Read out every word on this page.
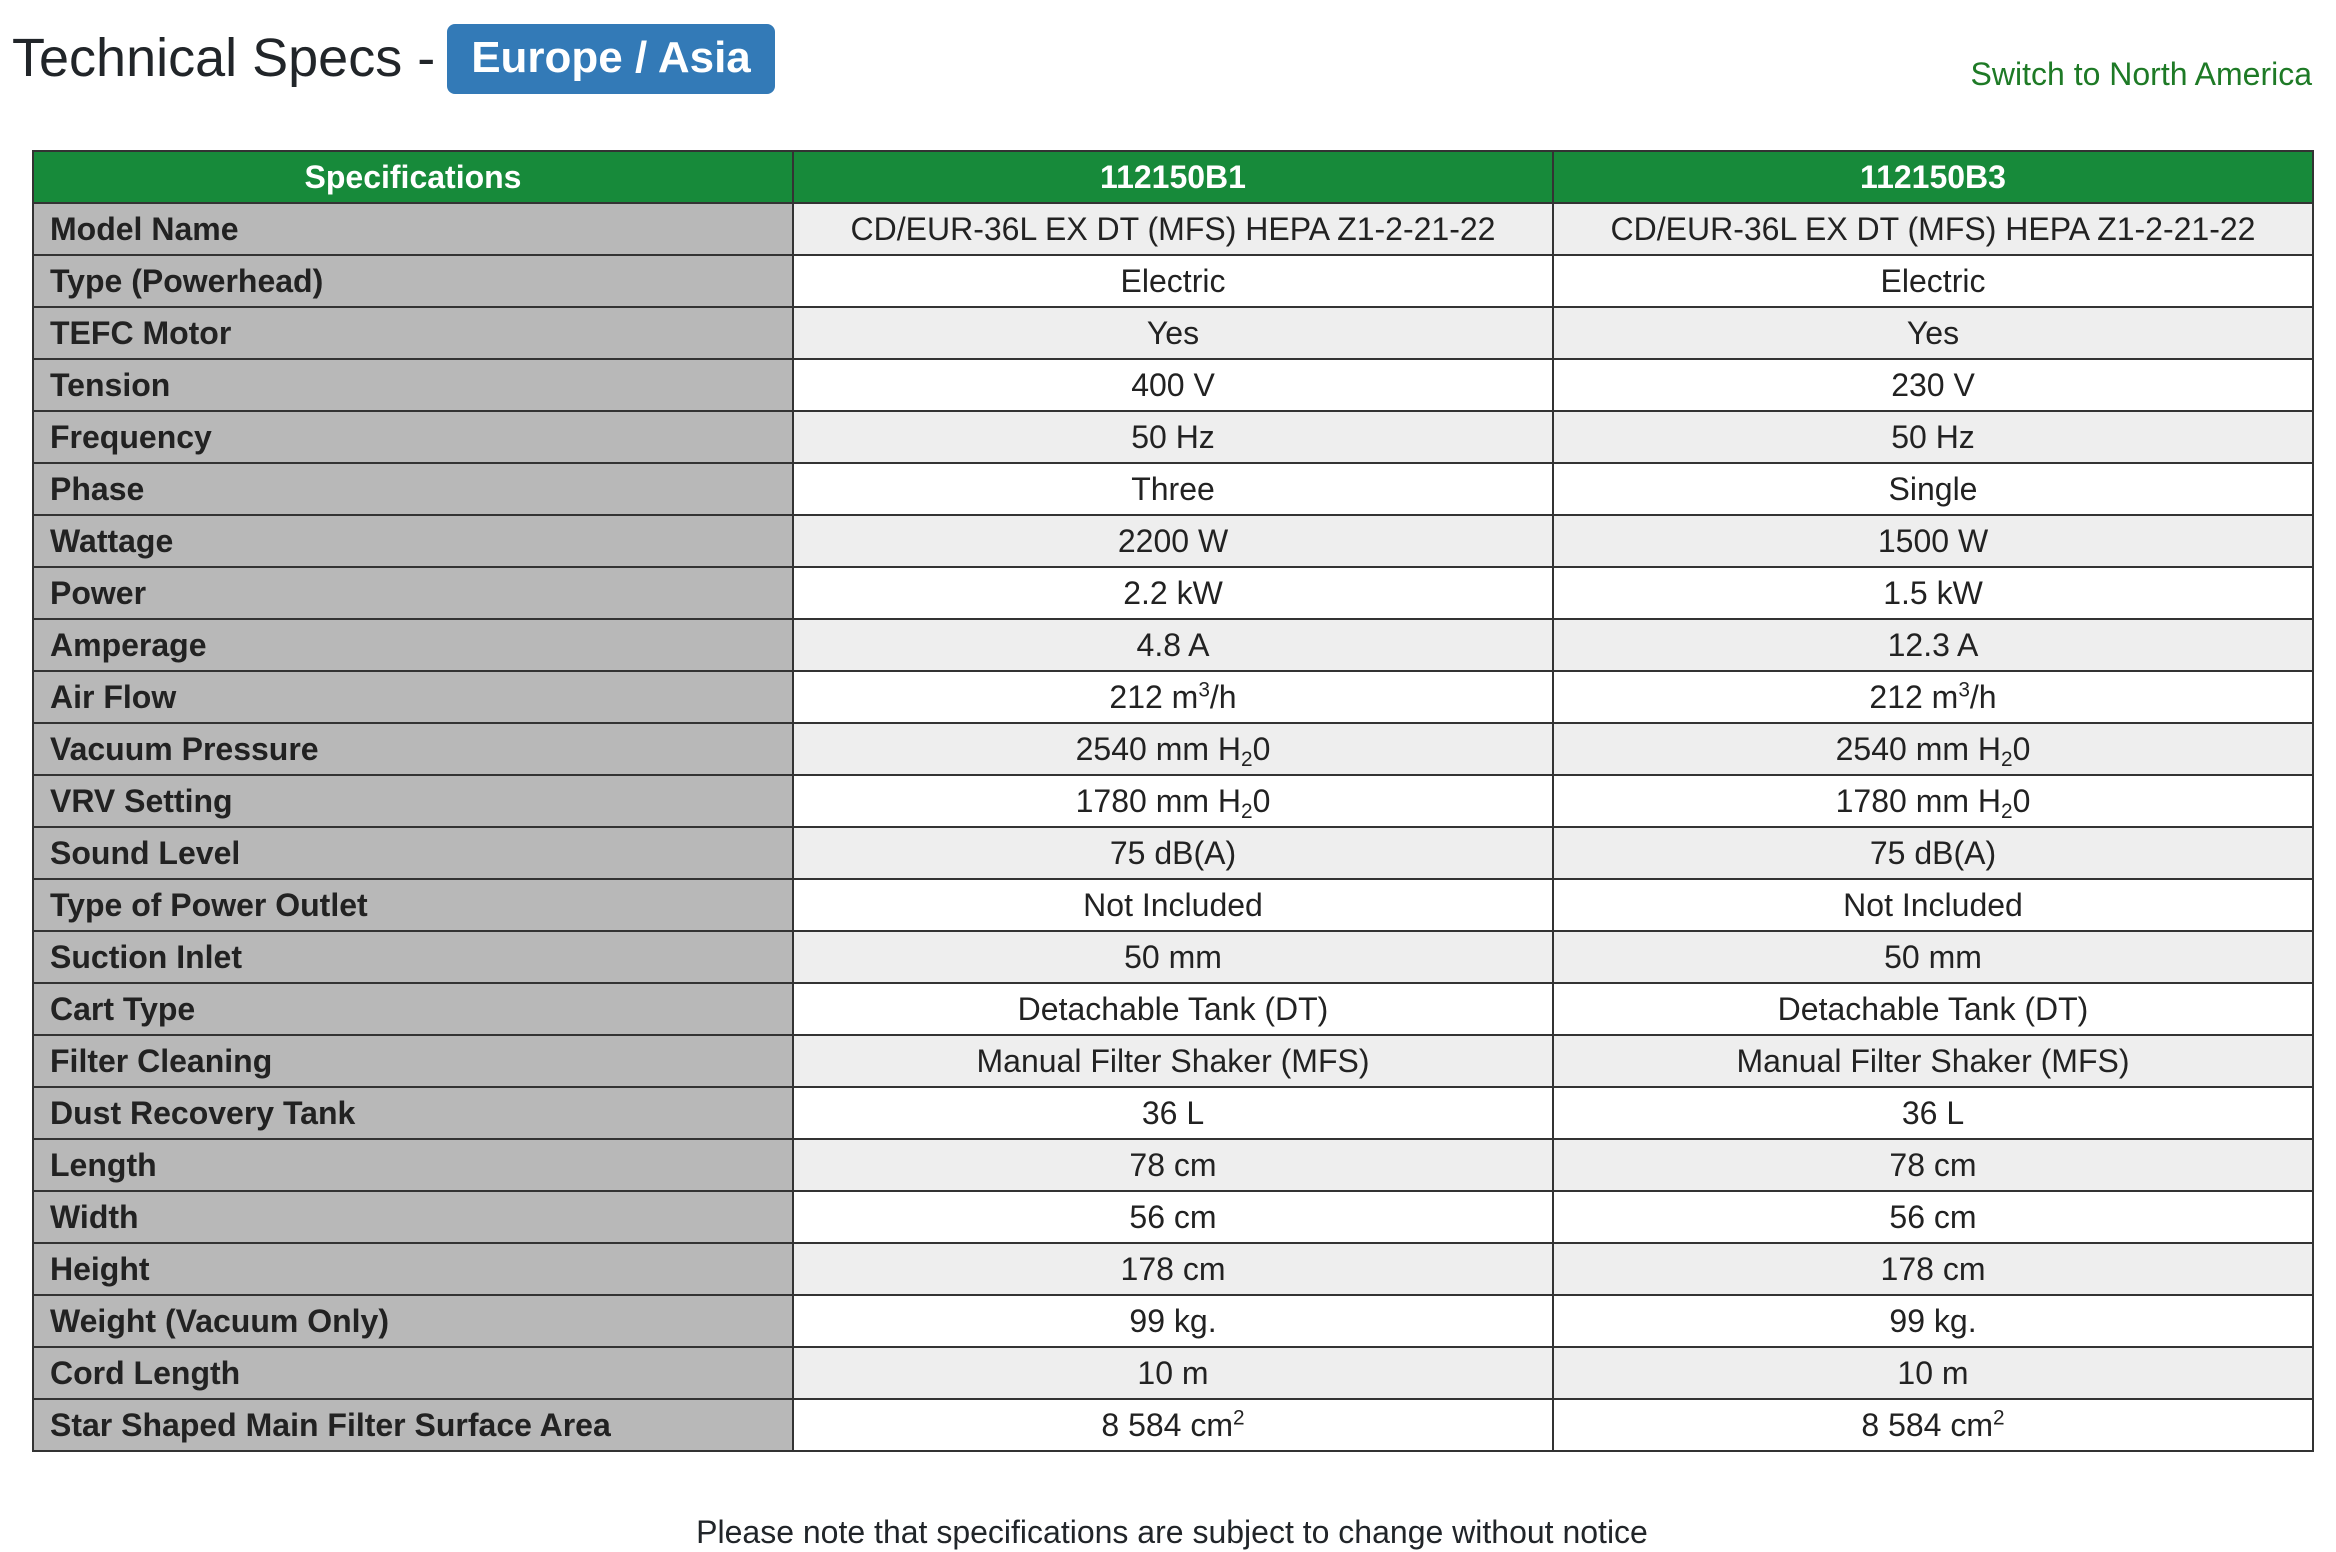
Technical Specs - Europe / Asia	Switch to North America
Specifications	112150B1	112150B3
Model Name	CD/EUR-36L EX DT (MFS) HEPA Z1-2-21-22	CD/EUR-36L EX DT (MFS) HEPA Z1-2-21-22
Type (Powerhead)	Electric	Electric
TEFC Motor	Yes	Yes
Tension	400 V	230 V
Frequency	50 Hz	50 Hz
Phase	Three	Single
Wattage	2200 W	1500 W
Power	2.2 kW	1.5 kW
Amperage	4.8 A	12.3 A
Air Flow	212 $m^3/h$	212 $m^3/h$
Vacuum Pressure	2540 mm $H_20$	2540 mm $H_20$
VRV Setting	1780 mm $H_20$	1780 mm $H_20$
Sound Level	75 dB(A)	75 dB(A)
Type of Power Outlet	Not Included	Not Included
Suction Inlet	50 mm	50 mm
Cart Type	Detachable Tank (DT)	Detachable Tank (DT)
Filter Cleaning	Manual Filter Shaker (MFS)	Manual Filter Shaker (MFS)
Dust Recovery Tank	36 L	36 L
Length	78 cm	78 cm
Width	56 cm	56 cm
Height	178 cm	178 cm
Weight (Vacuum Only)	99 kg.	99 kg.
Cord Length	10 m	10 m
Star Shaped Main Filter Surface Area	8 584 $cm^2$	8 584 $cm^2$
Please note that specifications are subject to change without notice
